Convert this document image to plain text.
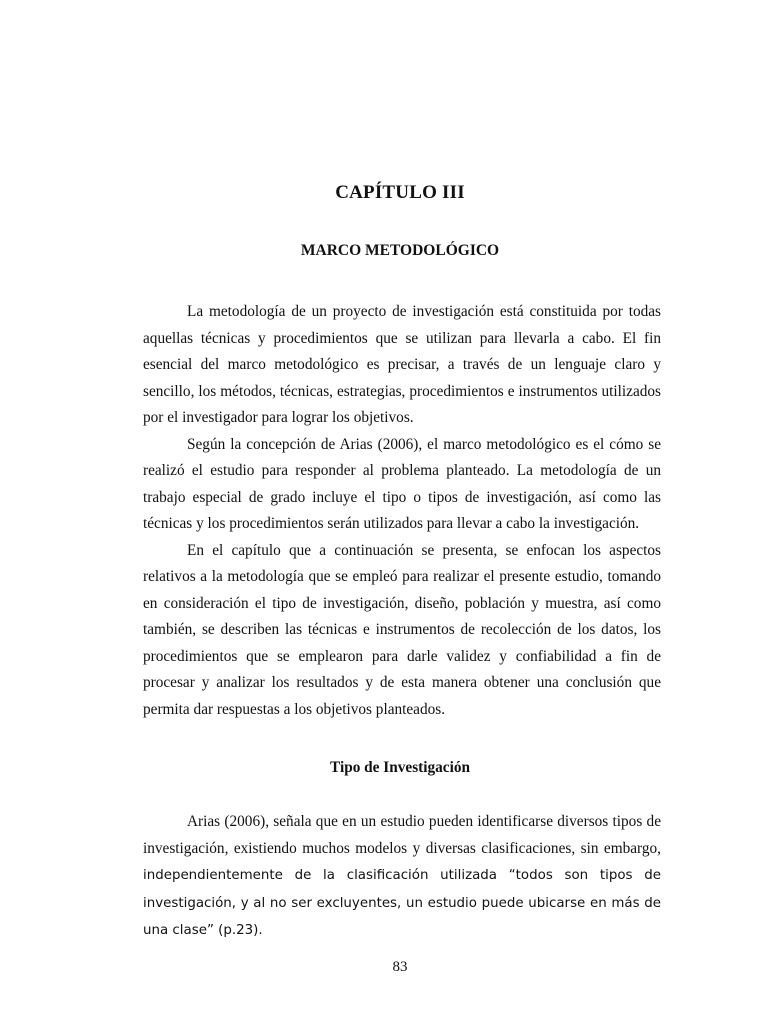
CAPÍTULO III
MARCO METODOLÓGICO

La metodología de un proyecto de investigación está constituida por todas aquellas técnicas y procedimientos que se utilizan para llevarla a cabo. El fin esencial del marco metodológico es precisar, a través de un lenguaje claro y sencillo, los métodos, técnicas, estrategias, procedimientos e instrumentos utilizados por el investigador para lograr los objetivos.

Según la concepción de Arias (2006), el marco metodológico es el cómo se realizó el estudio para responder al problema planteado. La metodología de un trabajo especial de grado incluye el tipo o tipos de investigación, así como las técnicas y los procedimientos serán utilizados para llevar a cabo la investigación.

En el capítulo que a continuación se presenta, se enfocan los aspectos relativos a la metodología que se empleó para realizar el presente estudio, tomando en consideración el tipo de investigación, diseño, población y muestra, así como también, se describen las técnicas e instrumentos de recolección de los datos, los procedimientos que se emplearon para darle validez y confiabilidad a fin de procesar y analizar los resultados y de esta manera obtener una conclusión que permita dar respuestas a los objetivos planteados.

Tipo de Investigación

Arias (2006), señala que en un estudio pueden identificarse diversos tipos de investigación, existiendo muchos modelos y diversas clasificaciones, sin embargo, independientemente de la clasificación utilizada “todos son tipos de investigación, y al no ser excluyentes, un estudio puede ubicarse en más de una clase” (p.23).

83
